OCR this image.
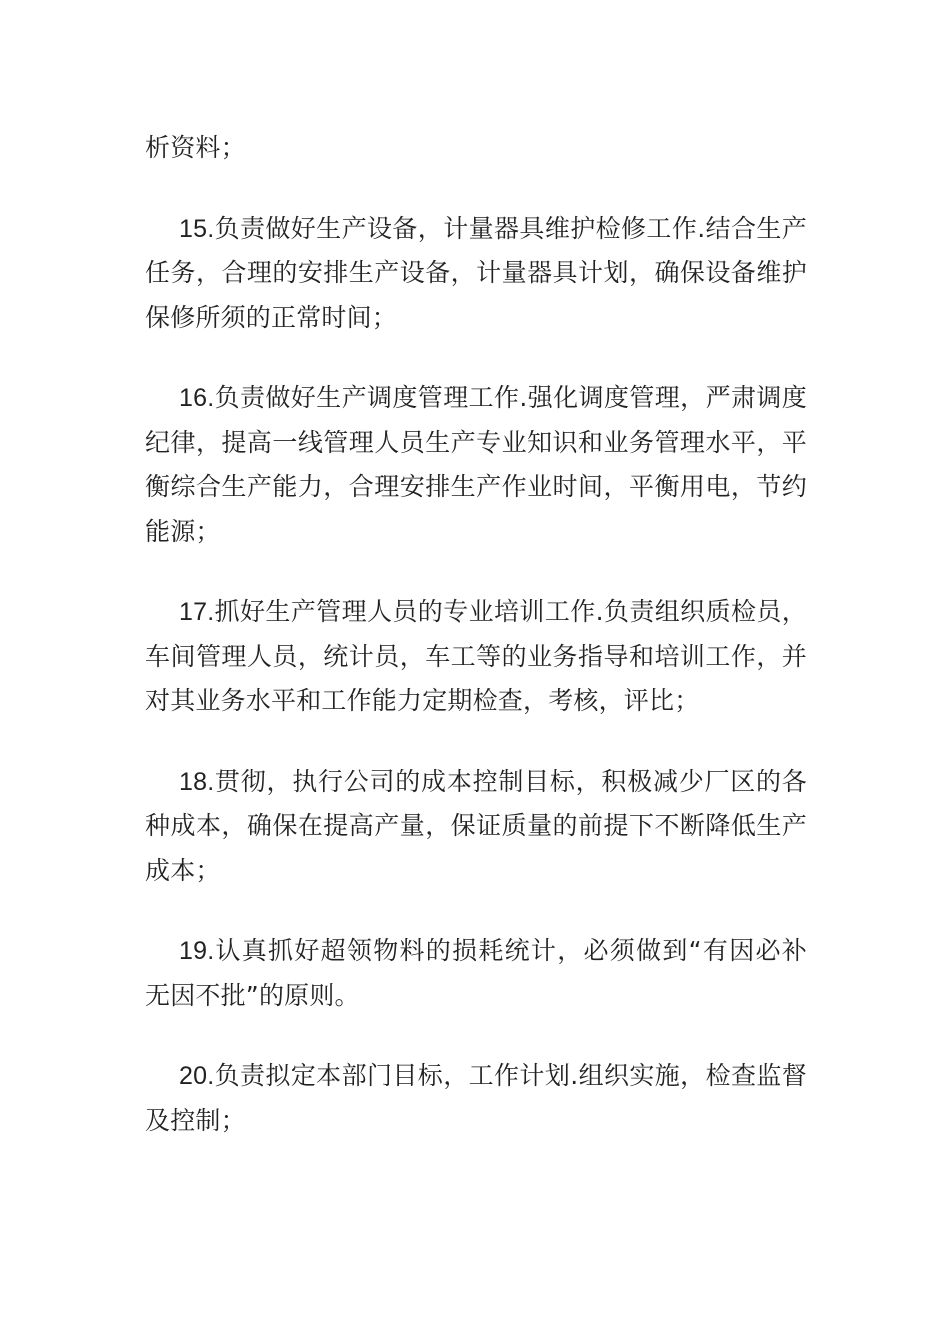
析资料；

15.负责做好生产设备，计量器具维护检修工作.结合生产任务，合理的安排生产设备，计量器具计划，确保设备维护保修所须的正常时间；

16.负责做好生产调度管理工作.强化调度管理，严肃调度纪律，提高一线管理人员生产专业知识和业务管理水平，平衡综合生产能力，合理安排生产作业时间，平衡用电，节约能源；

17.抓好生产管理人员的专业培训工作.负责组织质检员，车间管理人员，统计员，车工等的业务指导和培训工作，并对其业务水平和工作能力定期检查，考核，评比；

18.贯彻，执行公司的成本控制目标，积极减少厂区的各种成本，确保在提高产量，保证质量的前提下不断降低生产成本；

19.认真抓好超领物料的损耗统计，必须做到“有因必补无因不批”的原则。

20.负责拟定本部门目标，工作计划.组织实施，检查监督及控制；
